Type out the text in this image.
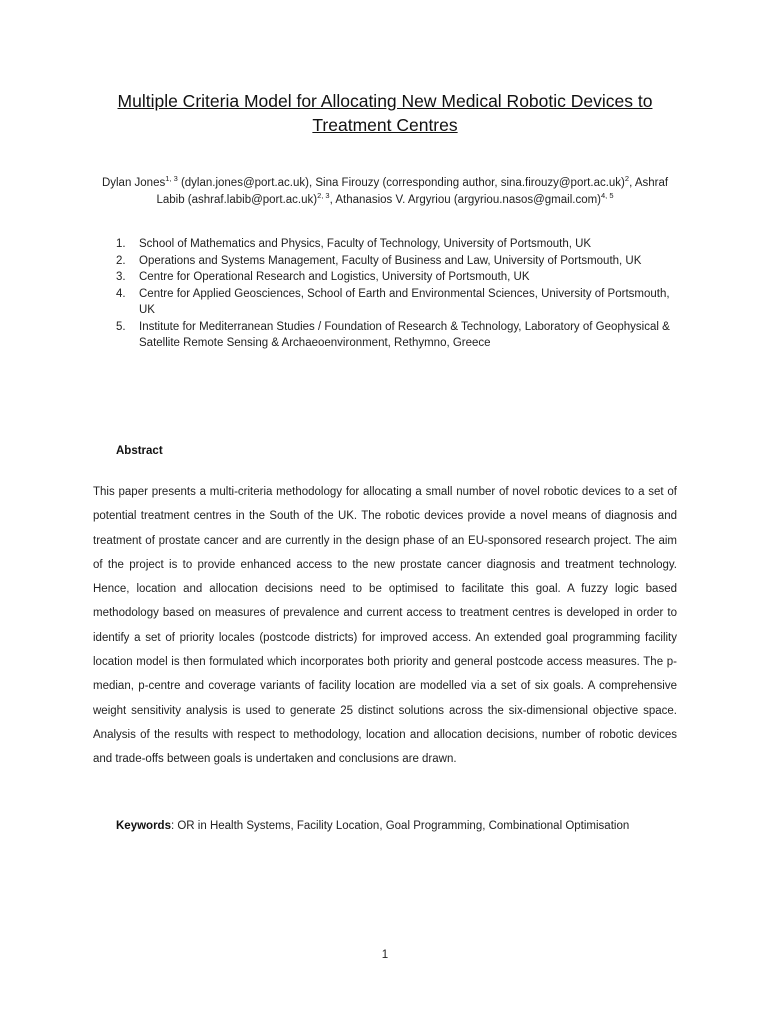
Multiple Criteria Model for Allocating New Medical Robotic Devices to Treatment Centres
Dylan Jones$^{1, 3}$ (dylan.jones@port.ac.uk), Sina Firouzy (corresponding author, sina.firouzy@port.ac.uk)$^2$, Ashraf Labib (ashraf.labib@port.ac.uk)$^{2, 3}$, Athanasios V. Argyriou (argyriou.nasos@gmail.com)$^{4, 5}$
1. School of Mathematics and Physics, Faculty of Technology, University of Portsmouth, UK
2. Operations and Systems Management, Faculty of Business and Law, University of Portsmouth, UK
3. Centre for Operational Research and Logistics, University of Portsmouth, UK
4. Centre for Applied Geosciences, School of Earth and Environmental Sciences, University of Portsmouth, UK
5. Institute for Mediterranean Studies / Foundation of Research & Technology, Laboratory of Geophysical & Satellite Remote Sensing & Archaeoenvironment, Rethymno, Greece
Abstract
This paper presents a multi-criteria methodology for allocating a small number of novel robotic devices to a set of potential treatment centres in the South of the UK. The robotic devices provide a novel means of diagnosis and treatment of prostate cancer and are currently in the design phase of an EU-sponsored research project. The aim of the project is to provide enhanced access to the new prostate cancer diagnosis and treatment technology. Hence, location and allocation decisions need to be optimised to facilitate this goal. A fuzzy logic based methodology based on measures of prevalence and current access to treatment centres is developed in order to identify a set of priority locales (postcode districts) for improved access. An extended goal programming facility location model is then formulated which incorporates both priority and general postcode access measures. The p-median, p-centre and coverage variants of facility location are modelled via a set of six goals. A comprehensive weight sensitivity analysis is used to generate 25 distinct solutions across the six-dimensional objective space. Analysis of the results with respect to methodology, location and allocation decisions, number of robotic devices and trade-offs between goals is undertaken and conclusions are drawn.
Keywords: OR in Health Systems, Facility Location, Goal Programming, Combinational Optimisation
1
